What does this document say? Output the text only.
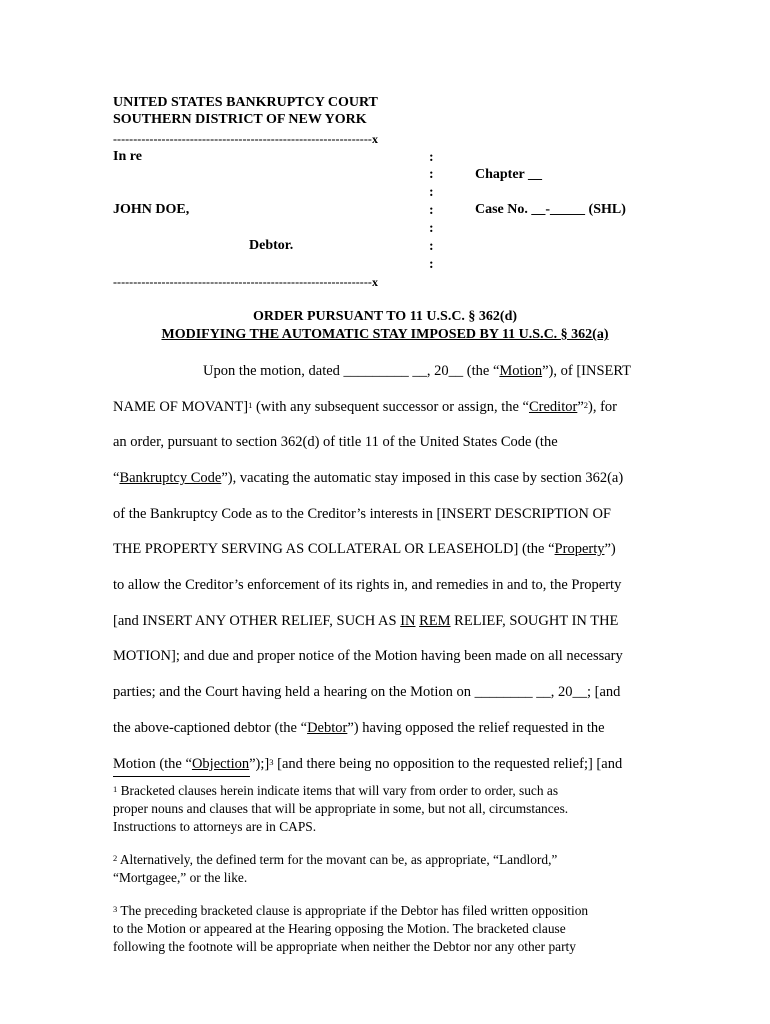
UNITED STATES BANKRUPTCY COURT
SOUTHERN DISTRICT OF NEW YORK
----------------------------------------------------------------x
In re
JOHN DOE,
Debtor.
:
:
:
:
:
:
:
Chapter __
Case No. __-_____ (SHL)
----------------------------------------------------------------x
ORDER PURSUANT TO 11 U.S.C. § 362(d)
MODIFYING THE AUTOMATIC STAY IMPOSED BY 11 U.S.C. § 362(a)
Upon the motion, dated _________ __, 20__ (the “Motion”), of [INSERT
NAME OF MOVANT]$^1$ (with any subsequent successor or assign, the “Creditor”$^2$), for
an order, pursuant to section 362(d) of title 11 of the United States Code (the
“Bankruptcy Code”), vacating the automatic stay imposed in this case by section 362(a)
of the Bankruptcy Code as to the Creditor’s interests in [INSERT DESCRIPTION OF
THE PROPERTY SERVING AS COLLATERAL OR LEASEHOLD] (the “Property”)
to allow the Creditor’s enforcement of its rights in, and remedies in and to, the Property
[and INSERT ANY OTHER RELIEF, SUCH AS IN REM RELIEF, SOUGHT IN THE
MOTION]; and due and proper notice of the Motion having been made on all necessary
parties; and the Court having held a hearing on the Motion on ________ __, 20__; [and
the above-captioned debtor (the “Debtor”) having opposed the relief requested in the
Motion (the “Objection”);]$^3$ [and there being no opposition to the requested relief;] [and
$^1$ Bracketed clauses herein indicate items that will vary from order to order, such as
proper nouns and clauses that will be appropriate in some, but not all, circumstances.
Instructions to attorneys are in CAPS.
$^2$ Alternatively, the defined term for the movant can be, as appropriate, “Landlord,”
“Mortgagee,” or the like.
$^3$ The preceding bracketed clause is appropriate if the Debtor has filed written opposition
to the Motion or appeared at the Hearing opposing the Motion. The bracketed clause
following the footnote will be appropriate when neither the Debtor nor any other party
